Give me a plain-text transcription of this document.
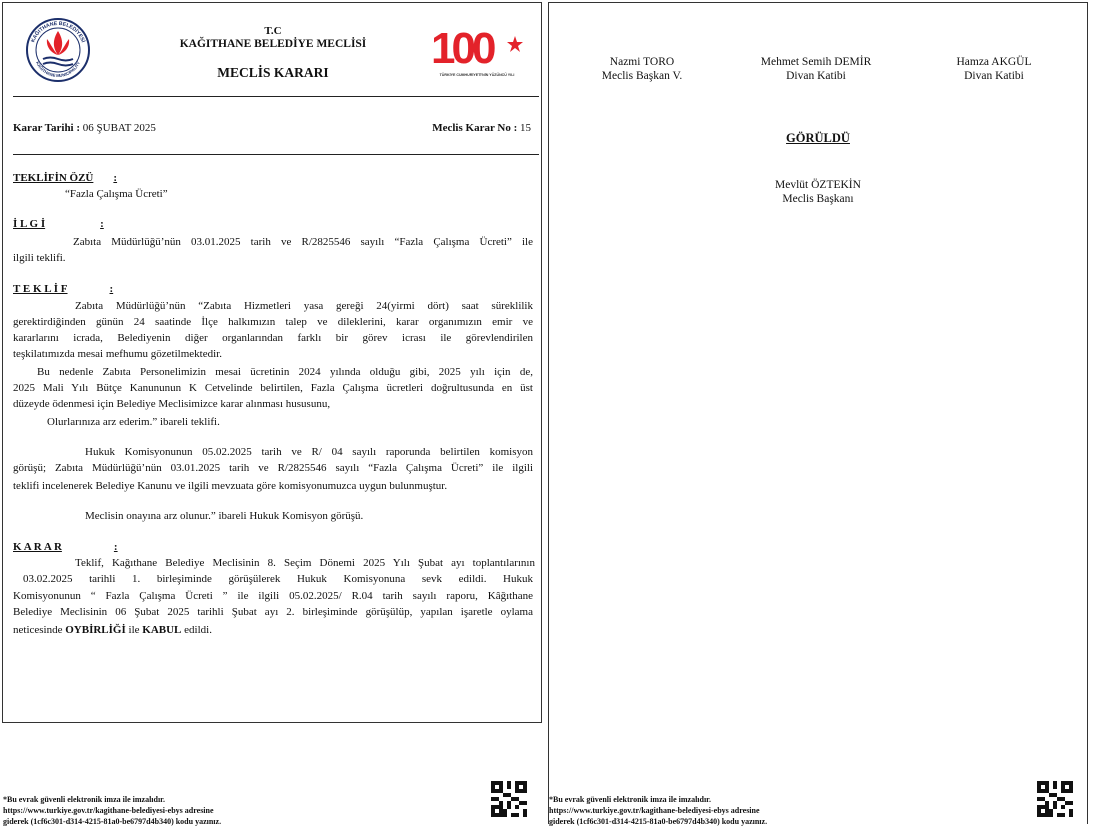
KAĞITHANE BELEDİYESİ
KAĞITHANE MUNICIPALITY
T.C
KAĞITHANE BELEDİYE MECLİSİ
MECLİS KARARI	100
TÜRKİYE CUMHURİYETİ'NİN YÜZÜNCÜ YILI
Karar Tarihi : 06 ŞUBAT 2025	Meclis Karar No : 15
TEKLİFİN ÖZÜ :
“Fazla Çalışma Ücreti”
İ L G İ	:
Zabıta Müdürlüğü’nün 03.01.2025 tarih ve R/2825546 sayılı “Fazla Çalışma Ücreti” ile
ilgili teklifi.
T E K L İ F	:
Zabıta Müdürlüğü’nün “Zabıta Hizmetleri yasa gereği 24(yirmi dört) saat süreklilik
gerektirdiğinden günün 24 saatinde İlçe halkımızın talep ve dileklerini, karar organımızın emir ve
kararlarını icrada, Belediyenin diğer organlarından farklı bir görev icrası ile görevlendirilen
teşkilatımızda mesai mefhumu gözetilmektedir.
Bu nedenle Zabıta Personelimizin mesai ücretinin 2024 yılında olduğu gibi, 2025 yılı için de,
2025 Mali Yılı Bütçe Kanununun K Cetvelinde belirtilen, Fazla Çalışma ücretleri doğrultusunda en üst
düzeyde ödenmesi için Belediye Meclisimizce karar alınması hususunu,
Olurlarınıza arz ederim.” ibareli teklifi.
Hukuk Komisyonunun 05.02.2025 tarih ve R/ 04 sayılı raporunda belirtilen komisyon
görüşü; Zabıta Müdürlüğü’nün 03.01.2025 tarih ve R/2825546 sayılı “Fazla Çalışma Ücreti” ile ilgili
teklifi incelenerek Belediye Kanunu ve ilgili mevzuata göre komisyonumuzca uygun bulunmuştur.
Meclisin onayına arz olunur.” ibareli Hukuk Komisyon görüşü.
K A R A R	:
Teklif, Kağıthane Belediye Meclisinin 8. Seçim Dönemi 2025 Yılı Şubat ayı toplantılarının
03.02.2025 tarihli 1. birleşiminde görüşülerek Hukuk Komisyonuna sevk edildi. Hukuk
Komisyonunun “ Fazla Çalışma Ücreti ” ile ilgili 05.02.2025/ R.04 tarih sayılı raporu, Kâğıthane
Belediye Meclisinin 06 Şubat 2025 tarihli Şubat ayı 2. birleşiminde görüşülüp, yapılan işaretle oylama
neticesinde OYBİRLİĞİ ile KABUL edildi.
Nazmi TORO
Meclis Başkan V.
Mehmet Semih DEMİR
Divan Katibi
Hamza AKGÜL
Divan Katibi
GÖRÜLDÜ
Mevlüt ÖZTEKİN
Meclis Başkanı
*Bu evrak güvenli elektronik imza ile imzalıdır.
https://www.turkiye.gov.tr/kagithane-belediyesi-ebys adresine
giderek (1cf6c301-d314-4215-81a0-be6797d4b340) kodu yazınız.
*Bu evrak güvenli elektronik imza ile imzalıdır.
https://www.turkiye.gov.tr/kagithane-belediyesi-ebys adresine
giderek (1cf6c301-d314-4215-81a0-be6797d4b340) kodu yazınız.
